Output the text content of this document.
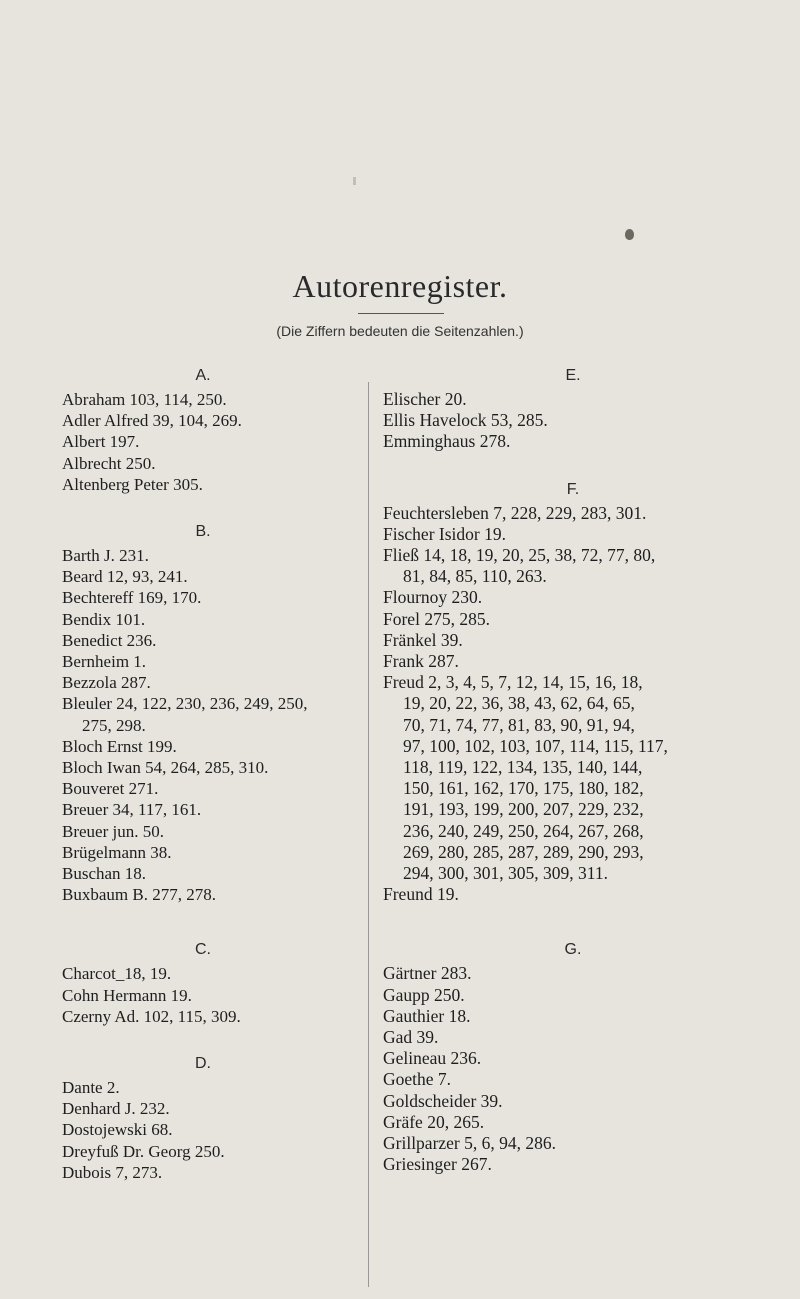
Autorenregister.
(Die Ziffern bedeuten die Seitenzahlen.)
A.
Abraham 103, 114, 250.
Adler Alfred 39, 104, 269.
Albert 197.
Albrecht 250.
Altenberg Peter 305.
B.
Barth J. 231.
Beard 12, 93, 241.
Bechtereff 169, 170.
Bendix 101.
Benedict 236.
Bernheim 1.
Bezzola 287.
Bleuler 24, 122, 230, 236, 249, 250,
275, 298.
Bloch Ernst 199.
Bloch Iwan 54, 264, 285, 310.
Bouveret 271.
Breuer 34, 117, 161.
Breuer jun. 50.
Brügelmann 38.
Buschan 18.
Buxbaum B. 277, 278.
C.
Charcot_18, 19.
Cohn Hermann 19.
Czerny Ad. 102, 115, 309.
D.
Dante 2.
Denhard J. 232.
Dostojewski 68.
Dreyfuß Dr. Georg 250.
Dubois 7, 273.
E.
Elischer 20.
Ellis Havelock 53, 285.
Emminghaus 278.
F.
Feuchtersleben 7, 228, 229, 283, 301.
Fischer Isidor 19.
Fließ 14, 18, 19, 20, 25, 38, 72, 77, 80,
81, 84, 85, 110, 263.
Flournoy 230.
Forel 275, 285.
Fränkel 39.
Frank 287.
Freud 2, 3, 4, 5, 7, 12, 14, 15, 16, 18,
19, 20, 22, 36, 38, 43, 62, 64, 65,
70, 71, 74, 77, 81, 83, 90, 91, 94,
97, 100, 102, 103, 107, 114, 115, 117,
118, 119, 122, 134, 135, 140, 144,
150, 161, 162, 170, 175, 180, 182,
191, 193, 199, 200, 207, 229, 232,
236, 240, 249, 250, 264, 267, 268,
269, 280, 285, 287, 289, 290, 293,
294, 300, 301, 305, 309, 311.
Freund 19.
G.
Gärtner 283.
Gaupp 250.
Gauthier 18.
Gad 39.
Gelineau 236.
Goethe 7.
Goldscheider 39.
Gräfe 20, 265.
Grillparzer 5, 6, 94, 286.
Griesinger 267.
